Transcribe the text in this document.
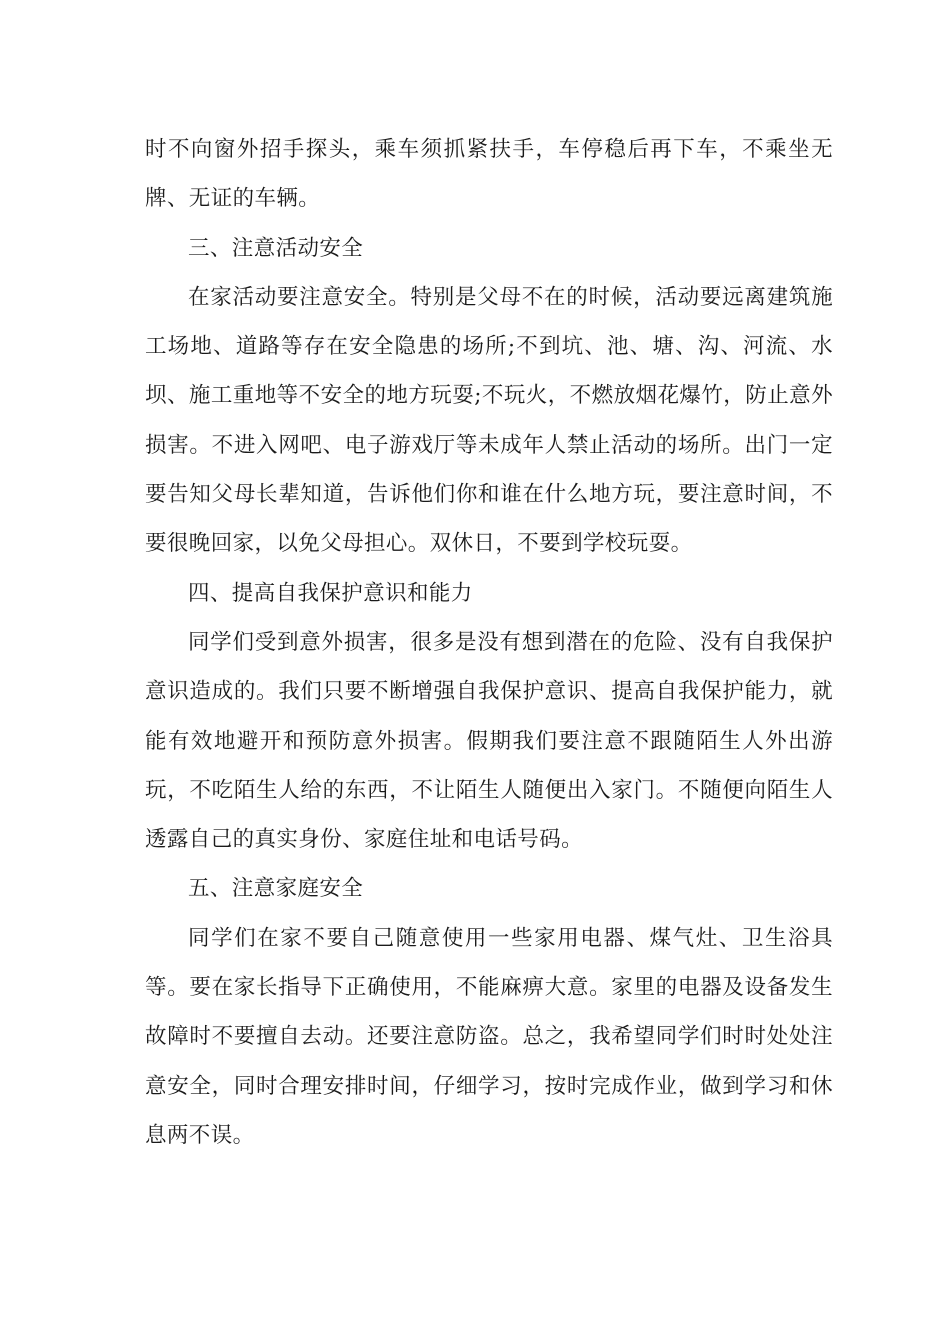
时不向窗外招手探头，乘车须抓紧扶手，车停稳后再下车，不乘坐无牌、无证的车辆。

三、注意活动安全

在家活动要注意安全。特别是父母不在的时候，活动要远离建筑施工场地、道路等存在安全隐患的场所;不到坑、池、塘、沟、河流、水坝、施工重地等不安全的地方玩耍;不玩火，不燃放烟花爆竹，防止意外损害。不进入网吧、电子游戏厅等未成年人禁止活动的场所。出门一定要告知父母长辈知道，告诉他们你和谁在什么地方玩，要注意时间，不要很晚回家，以免父母担心。双休日，不要到学校玩耍。

四、提高自我保护意识和能力

同学们受到意外损害，很多是没有想到潜在的危险、没有自我保护意识造成的。我们只要不断增强自我保护意识、提高自我保护能力，就能有效地避开和预防意外损害。假期我们要注意不跟随陌生人外出游玩，不吃陌生人给的东西，不让陌生人随便出入家门。不随便向陌生人透露自己的真实身份、家庭住址和电话号码。

五、注意家庭安全

同学们在家不要自己随意使用一些家用电器、煤气灶、卫生浴具等。要在家长指导下正确使用，不能麻痹大意。家里的电器及设备发生故障时不要擅自去动。还要注意防盗。总之，我希望同学们时时处处注意安全，同时合理安排时间，仔细学习，按时完成作业，做到学习和休息两不误。
